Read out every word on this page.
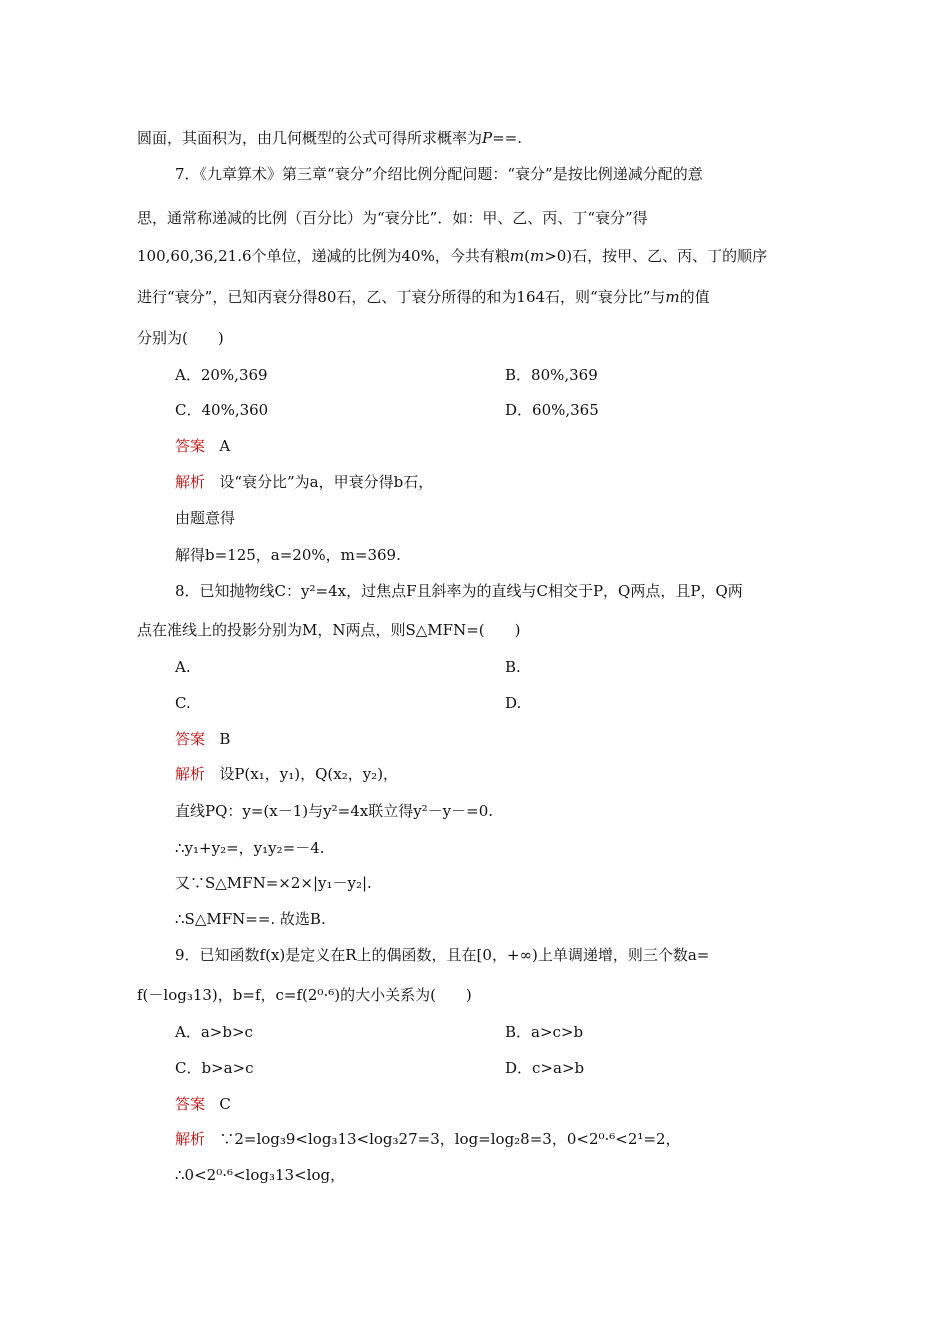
圆面，其面积为，由几何概型的公式可得所求概率为P==.
7．《九章算术》第三章“衰分”介绍比例分配问题：“衰分”是按比例递减分配的意
思，通常称递减的比例（百分比）为“衰分比”．如：甲、乙、丙、丁“衰分”得
100,60,36,21.6个单位，递减的比例为40%，今共有粮m(m>0)石，按甲、乙、丙、丁的顺序
进行“衰分”，已知丙衰分得80石，乙、丁衰分所得的和为164石，则“衰分比”与m的值
分别为(　　)
A．20%,369	B．80%,369
C．40%,360	D．60%,365
答案 A
解析 设“衰分比”为a，甲衰分得b石，
由题意得
解得b=125，a=20%，m=369.
8．已知抛物线C：y²=4x，过焦点F且斜率为的直线与C相交于P，Q两点，且P，Q两
点在准线上的投影分别为M，N两点，则S△MFN=(　　)
A.	B.
C.	D.
答案 B
解析 设P(x₁，y₁)，Q(x₂，y₂)，
直线PQ：y=(x－1)与y²=4x联立得y²－y－=0.
∴y₁+y₂=，y₁y₂=－4.
又∵S△MFN=×2×|y₁－y₂|.
∴S△MFN==. 故选B.
9．已知函数f(x)是定义在R上的偶函数，且在[0，+∞)上单调递增，则三个数a=
f(－log₃13)，b=f，c=f(2⁰·⁶)的大小关系为(　　)
A．a>b>c	B．a>c>b
C．b>a>c	D．c>a>b
答案 C
解析 ∵2=log₃9<log₃13<log₃27=3，log=log₂8=3，0<2⁰·⁶<2¹=2，
∴0<2⁰·⁶<log₃13<log，
